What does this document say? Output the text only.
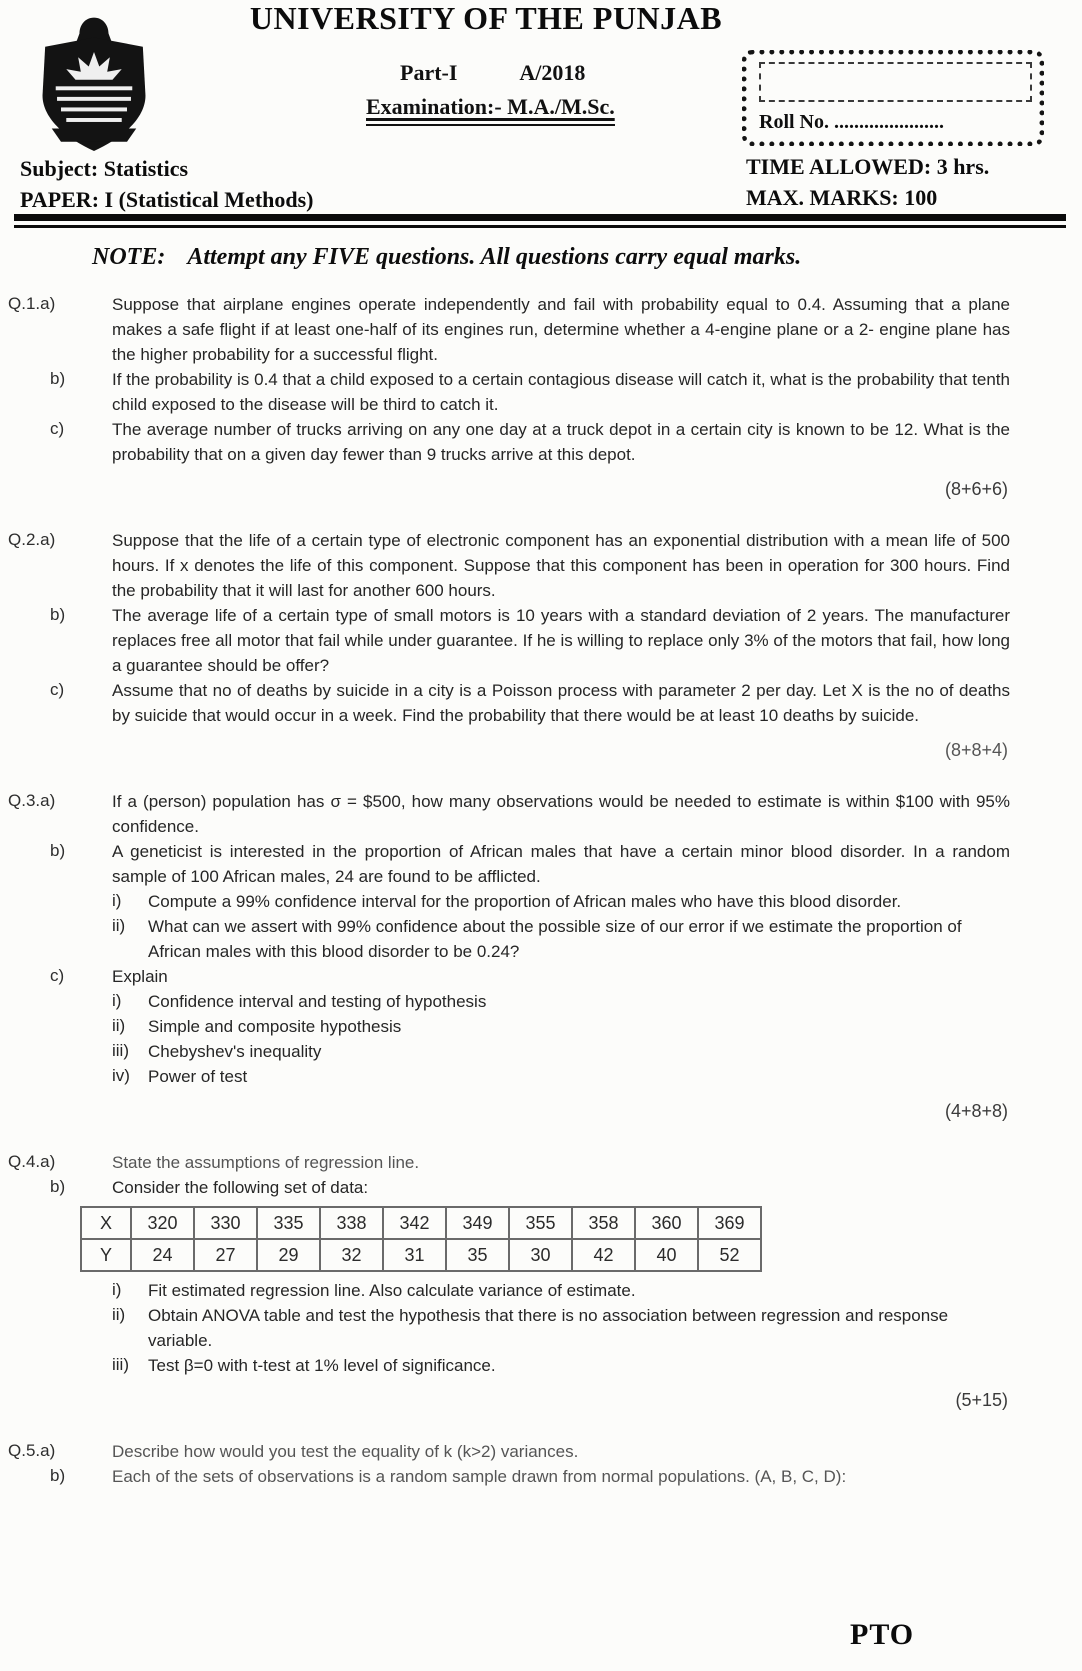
UNIVERSITY OF THE PUNJAB
Part-I	A/2018
Examination:- M.A./M.Sc.
Roll No. ......................
Subject: Statistics
PAPER: I (Statistical Methods)
TIME ALLOWED: 3 hrs.
MAX. MARKS: 100
NOTE: Attempt any FIVE questions. All questions carry equal marks.
Q.1.a)	Suppose that airplane engines operate independently and fail with probability equal to 0.4. Assuming that a plane makes a safe flight if at least one-half of its engines run, determine whether a 4-engine plane or a 2- engine plane has the higher probability for a successful flight.
b)	If the probability is 0.4 that a child exposed to a certain contagious disease will catch it, what is the probability that tenth child exposed to the disease will be third to catch it.
c)	The average number of trucks arriving on any one day at a truck depot in a certain city is known to be 12. What is the probability that on a given day fewer than 9 trucks arrive at this depot.
(8+6+6)
Q.2.a)	Suppose that the life of a certain type of electronic component has an exponential distribution with a mean life of 500 hours. If x denotes the life of this component. Suppose that this component has been in operation for 300 hours. Find the probability that it will last for another 600 hours.
b)	The average life of a certain type of small motors is 10 years with a standard deviation of 2 years. The manufacturer replaces free all motor that fail while under guarantee. If he is willing to replace only 3% of the motors that fail, how long a guarantee should be offer?
c)	Assume that no of deaths by suicide in a city is a Poisson process with parameter 2 per day. Let X is the no of deaths by suicide that would occur in a week. Find the probability that there would be at least 10 deaths by suicide.
(8+8+4)
Q.3.a)	If a (person) population has σ = $500, how many observations would be needed to estimate is within $100 with 95% confidence.
b)	A geneticist is interested in the proportion of African males that have a certain minor blood disorder. In a random sample of 100 African males, 24 are found to be afflicted.
i)	Compute a 99% confidence interval for the proportion of African males who have this blood disorder.
ii)	What can we assert with 99% confidence about the possible size of our error if we estimate the proportion of African males with this blood disorder to be 0.24?
c)	Explain
i)	Confidence interval and testing of hypothesis
ii)	Simple and composite hypothesis
iii)	Chebyshev's inequality
iv)	Power of test
(4+8+8)
Q.4.a)	State the assumptions of regression line.
b)	Consider the following set of data:
X	320	330	335	338	342	349	355	358	360	369
Y	24	27	29	32	31	35	30	42	40	52
i)	Fit estimated regression line. Also calculate variance of estimate.
ii)	Obtain ANOVA table and test the hypothesis that there is no association between regression and response variable.
iii)	Test β=0 with t-test at 1% level of significance.
(5+15)
Q.5.a)	Describe how would you test the equality of k (k>2) variances.
b)	Each of the sets of observations is a random sample drawn from normal populations. (A, B, C, D):
PTO
